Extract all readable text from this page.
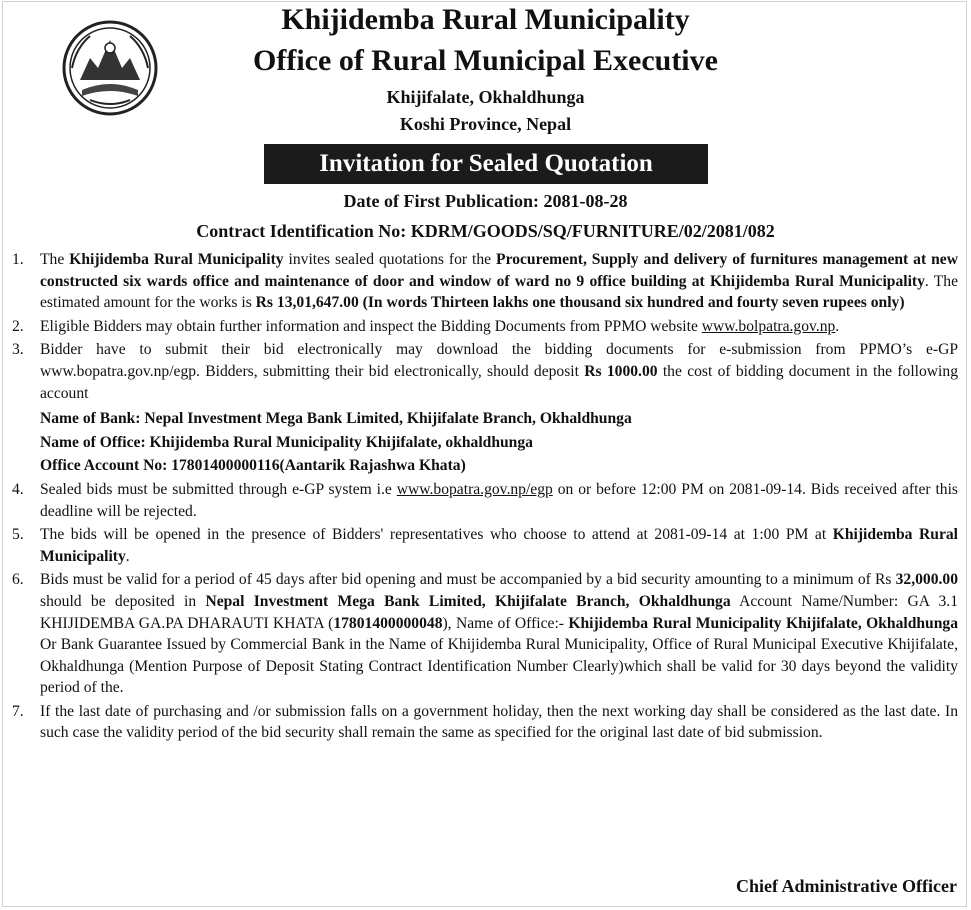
Khijidemba Rural Municipality
Office of Rural Municipal Executive
Khijifalate, Okhaldhunga
Koshi Province, Nepal
Invitation for Sealed Quotation
Date of First Publication: 2081-08-28
Contract Identification No: KDRM/GOODS/SQ/FURNITURE/02/2081/082
1.	The Khijidemba Rural Municipality invites sealed quotations for the Procurement, Supply and delivery of furnitures management at new constructed six wards office and maintenance of door and window of ward no 9 office building at Khijidemba Rural Municipality. The estimated amount for the works is Rs 13,01,647.00 (In words Thirteen lakhs one thousand six hundred and fourty seven rupees only)
2.	Eligible Bidders may obtain further information and inspect the Bidding Documents from PPMO website www.bolpatra.gov.np.
3.	Bidder have to submit their bid electronically may download the bidding documents for e-submission from PPMO’s e-GP www.bopatra.gov.np/egp. Bidders, submitting their bid electronically, should deposit Rs 1000.00 the cost of bidding document in the following account
Name of Bank: Nepal Investment Mega Bank Limited, Khijifalate Branch, Okhaldhunga
Name of Office: Khijidemba Rural Municipality Khijifalate, okhaldhunga
Office Account No: 17801400000116(Aantarik Rajashwa Khata)
4.	Sealed bids must be submitted through e-GP system i.e www.bopatra.gov.np/egp on or before 12:00 PM on 2081-09-14. Bids received after this deadline will be rejected.
5.	The bids will be opened in the presence of Bidders' representatives who choose to attend at 2081-09-14 at 1:00 PM at Khijidemba Rural Municipality.
6.	Bids must be valid for a period of 45 days after bid opening and must be accompanied by a bid security amounting to a minimum of Rs 32,000.00 should be deposited in Nepal Investment Mega Bank Limited, Khijifalate Branch, Okhaldhunga Account Name/Number: GA 3.1 KHIJIDEMBA GA.PA DHARAUTI KHATA (17801400000048), Name of Office:- Khijidemba Rural Municipality Khijifalate, Okhaldhunga Or Bank Guarantee Issued by Commercial Bank in the Name of Khijidemba Rural Municipality, Office of Rural Municipal Executive Khijifalate, Okhaldhunga (Mention Purpose of Deposit Stating Contract Identification Number Clearly)which shall be valid for 30 days beyond the validity period of the.
7.	If the last date of purchasing and /or submission falls on a government holiday, then the next working day shall be considered as the last date. In such case the validity period of the bid security shall remain the same as specified for the original last date of bid submission.
Chief Administrative Officer
